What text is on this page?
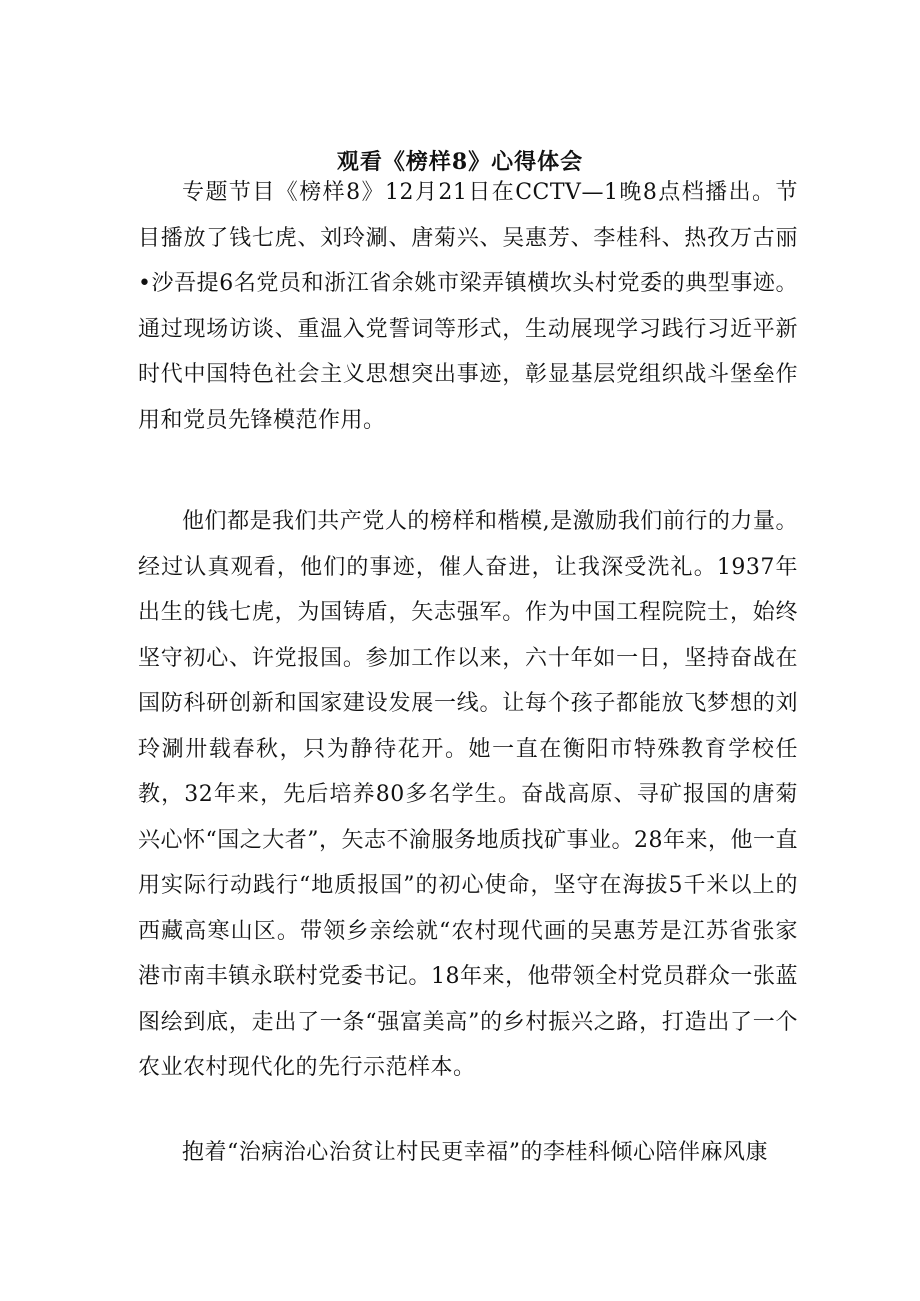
观看《榜样8》心得体会

专题节目《榜样8》12月21日在CCTV—1晚8点档播出。节目播放了钱七虎、刘玲涮、唐菊兴、吴惠芳、李桂科、热孜万古丽•沙吾提6名党员和浙江省余姚市梁弄镇横坎头村党委的典型事迹。通过现场访谈、重温入党誓词等形式，生动展现学习践行习近平新时代中国特色社会主义思想突出事迹，彰显基层党组织战斗堡垒作用和党员先锋模范作用。

他们都是我们共产党人的榜样和楷模,是激励我们前行的力量。经过认真观看，他们的事迹，催人奋进，让我深受洗礼。1937年出生的钱七虎，为国铸盾，矢志强军。作为中国工程院院士，始终坚守初心、许党报国。参加工作以来，六十年如一日，坚持奋战在国防科研创新和国家建设发展一线。让每个孩子都能放飞梦想的刘玲涮卅载春秋，只为静待花开。她一直在衡阳市特殊教育学校任教，32年来，先后培养80多名学生。奋战高原、寻矿报国的唐菊兴心怀“国之大者”，矢志不渝服务地质找矿事业。28年来，他一直用实际行动践行“地质报国”的初心使命，坚守在海拔5千米以上的西藏高寒山区。带领乡亲绘就“农村现代画的吴惠芳是江苏省张家港市南丰镇永联村党委书记。18年来，他带领全村党员群众一张蓝图绘到底，走出了一条“强富美高”的乡村振兴之路，打造出了一个农业农村现代化的先行示范样本。

抱着“治病治心治贫让村民更幸福”的李桂科倾心陪伴麻风康
